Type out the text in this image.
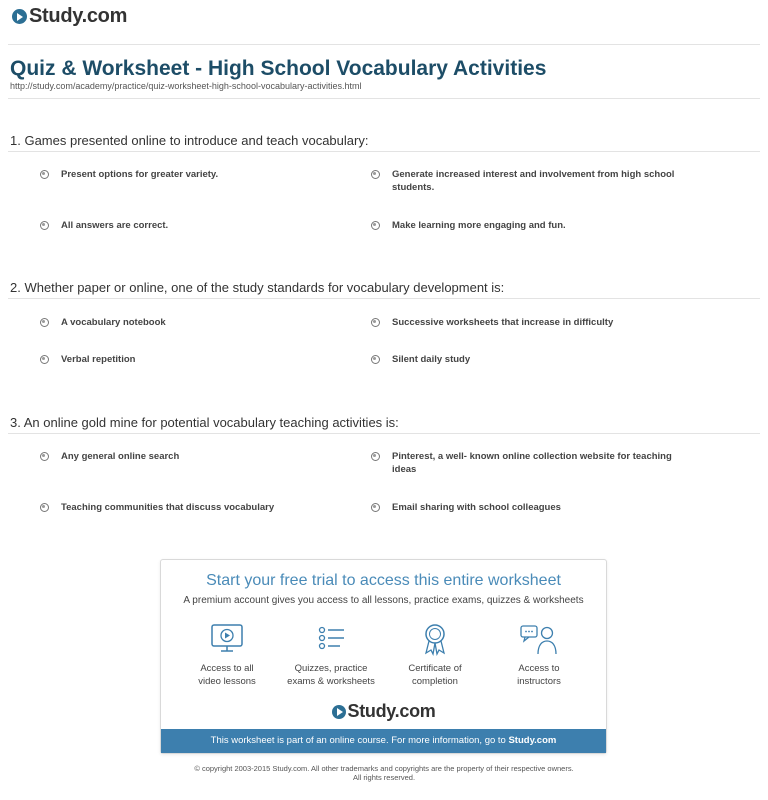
Study.com
Quiz & Worksheet - High School Vocabulary Activities
http://study.com/academy/practice/quiz-worksheet-high-school-vocabulary-activities.html
1. Games presented online to introduce and teach vocabulary:
Present options for greater variety.	Generate increased interest and involvement from high school students.
All answers are correct.	Make learning more engaging and fun.
2. Whether paper or online, one of the study standards for vocabulary development is:
A vocabulary notebook	Successive worksheets that increase in difficulty
Verbal repetition	Silent daily study
3. An online gold mine for potential vocabulary teaching activities is:
Any general online search	Pinterest, a well- known online collection website for teaching ideas
Teaching communities that discuss vocabulary	Email sharing with school colleagues
Start your free trial to access this entire worksheet
A premium account gives you access to all lessons, practice exams, quizzes & worksheets
Access to all
video lessons
Quizzes, practice
exams & worksheets
Certificate of
completion
Access to
instructors
Study.com
This worksheet is part of an online course. For more information, go to Study.com
© copyright 2003-2015 Study.com. All other trademarks and copyrights are the property of their respective owners.
All rights reserved.
